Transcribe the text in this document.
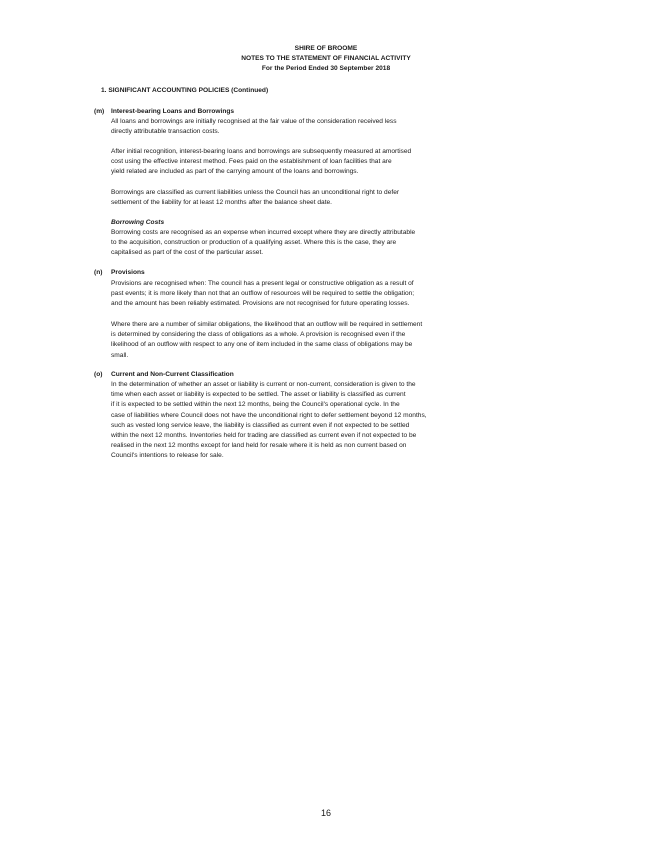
SHIRE OF BROOME
NOTES TO THE STATEMENT OF FINANCIAL ACTIVITY
For the Period Ended 30 September 2018
1. SIGNIFICANT ACCOUNTING POLICIES (Continued)
(m) Interest-bearing Loans and Borrowings
All loans and borrowings are initially recognised at the fair value of the consideration received less
directly attributable transaction costs.
After initial recognition, interest-bearing loans and borrowings are subsequently measured at amortised
cost using the effective interest method. Fees paid on the establishment of loan facilities that are
yield related are included as part of the carrying amount of the loans and borrowings.
Borrowings are classified as current liabilities unless the Council has an unconditional right to defer
settlement of the liability for at least 12 months after the balance sheet date.
Borrowing Costs
Borrowing costs are recognised as an expense when incurred except where they are directly attributable
to the acquisition, construction or production of a qualifying asset. Where this is the case, they are
capitalised as part of the cost of the particular asset.
(n) Provisions
Provisions are recognised when: The council has a present legal or constructive obligation as a result of
past events; it is more likely than not that an outflow of resources will be required to settle the obligation;
and the amount has been reliably estimated. Provisions are not recognised for future operating losses.
Where there are a number of similar obligations, the likelihood that an outflow will be required in settlement
is determined by considering the class of obligations as a whole. A provision is recognised even if the
likelihood of an outflow with respect to any one of item included in the same class of obligations may be
small.
(o) Current and Non-Current Classification
In the determination of whether an asset or liability is current or non-current, consideration is given to the
time when each asset or liability is expected to be settled. The asset or liability is classified as current
if it is expected to be settled within the next 12 months, being the Council's operational cycle. In the
case of liabilities where Council does not have the unconditional right to defer settlement beyond 12 months,
such as vested long service leave, the liability is classified as current even if not expected to be settled
within the next 12 months. Inventories held for trading are classified as current even if not expected to be
realised in the next 12 months except for land held for resale where it is held as non current based on
Council's intentions to release for sale.
16
